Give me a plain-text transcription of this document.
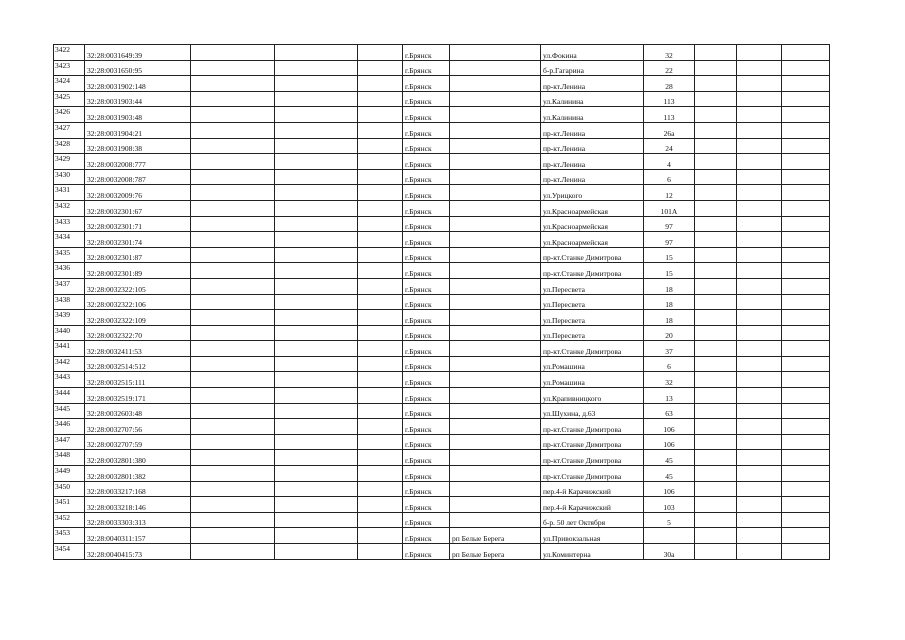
3422	32:28:0031649:39				г.Брянск		ул.Фокина	32			
3423	32:28:0031650:95				г.Брянск		б-р.Гагарина	22			
3424	32:28:0031902:148				г.Брянск		пр-кт.Ленина	28			
3425	32:28:0031903:44				г.Брянск		ул.Калинина	113			
3426	32:28:0031903:48				г.Брянск		ул.Калинина	113			
3427	32:28:0031904:21				г.Брянск		пр-кт.Ленина	26а			
3428	32:28:0031908:38				г.Брянск		пр-кт.Ленина	24			
3429	32:28:0032008:777				г.Брянск		пр-кт.Ленина	4			
3430	32:28:0032008:787				г.Брянск		пр-кт.Ленина	6			
3431	32:28:0032009:76				г.Брянск		ул.Урицкого	12			
3432	32:28:0032301:67				г.Брянск		ул.Красноармейская	101А			
3433	32:28:0032301:71				г.Брянск		ул.Красноармейская	97			
3434	32:28:0032301:74				г.Брянск		ул.Красноармейская	97			
3435	32:28:0032301:87				г.Брянск		пр-кт.Станке Димитрова	15			
3436	32:28:0032301:89				г.Брянск		пр-кт.Станке Димитрова	15			
3437	32:28:0032322:105				г.Брянск		ул.Пересвета	18			
3438	32:28:0032322:106				г.Брянск		ул.Пересвета	18			
3439	32:28:0032322:109				г.Брянск		ул.Пересвета	18			
3440	32:28:0032322:70				г.Брянск		ул.Пересвета	20			
3441	32:28:0032411:53				г.Брянск		пр-кт.Станке Димитрова	37			
3442	32:28:0032514:512				г.Брянск		ул.Ромашина	6			
3443	32:28:0032515:111				г.Брянск		ул.Ромашина	32			
3444	32:28:0032519:171				г.Брянск		ул.Крапивницкого	13			
3445	32:28:0032603:48				г.Брянск		ул.Шухина, д.63	63			
3446	32:28:0032707:56				г.Брянск		пр-кт.Станке Димитрова	106			
3447	32:28:0032707:59				г.Брянск		пр-кт.Станке Димитрова	106			
3448	32:28:0032801:380				г.Брянск		пр-кт.Станке Димитрова	45			
3449	32:28:0032801:382				г.Брянск		пр-кт.Станке Димитрова	45			
3450	32:28:0033217:168				г.Брянск		пер.4-й Карачижский	106			
3451	32:28:0033218:146				г.Брянск		пер.4-й Карачижский	103			
3452	32:28:0033303:313				г.Брянск		б-р. 50 лет Октября	5			
3453	32:28:0040311:157				г.Брянск	рп Белые Берега	ул.Привокзальная				
3454	32:28:0040415:73				г.Брянск	рп Белые Берега	ул.Коминтерна	30а			
